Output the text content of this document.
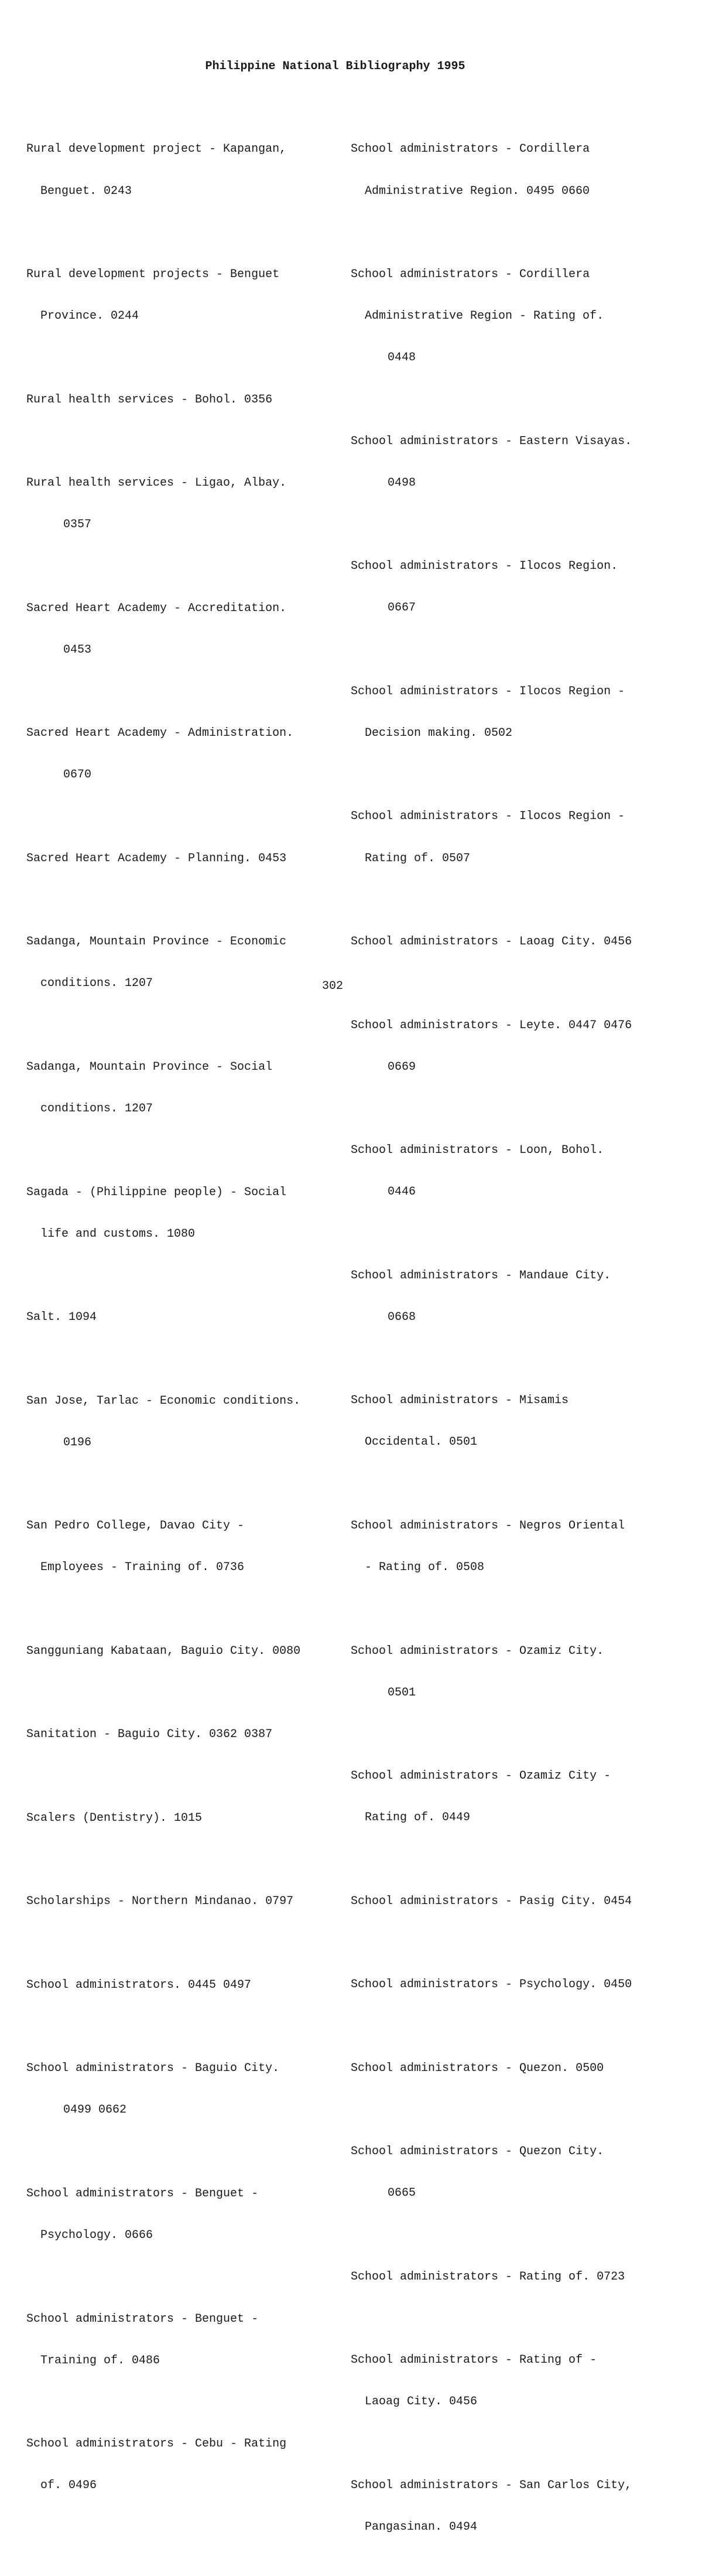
Philippine National Bibliography 1995

Rural development project - Kapangan,

Benguet. 0243

Rural development projects - Benguet

Province. 0244

Rural health services - Bohol. 0356

Rural health services - Ligao, Albay.

0357

Sacred Heart Academy - Accreditation.

0453

Sacred Heart Academy - Administration.

0670

Sacred Heart Academy - Planning. 0453

Sadanga, Mountain Province - Economic

conditions. 1207

Sadanga, Mountain Province - Social

conditions. 1207

Sagada - (Philippine people) - Social

life and customs. 1080

Salt. 1094

San Jose, Tarlac - Economic conditions.

0196

San Pedro College, Davao City -

Employees - Training of. 0736

Sangguniang Kabataan, Baguio City. 0080

Sanitation - Baguio City. 0362 0387

Scalers (Dentistry). 1015

Scholarships - Northern Mindanao. 0797

School administrators. 0445 0497

School administrators - Baguio City.

0499 0662

School administrators - Benguet -

Psychology. 0666

School administrators - Benguet -

Training of. 0486

School administrators - Cebu - Rating

of. 0496

School administrators - Cordillera

Administrative Region. 0495 0660

School administrators - Cordillera

Administrative Region - Rating of.

0448

School administrators - Eastern Visayas.

0498

School administrators - Ilocos Region.

0667

School administrators - Ilocos Region -

Decision making. 0502

School administrators - Ilocos Region -

Rating of. 0507

School administrators - Laoag City. 0456

School administrators - Leyte. 0447 0476

0669

School administrators - Loon, Bohol.

0446

School administrators - Mandaue City.

0668

School administrators - Misamis

Occidental. 0501

School administrators - Negros Oriental

- Rating of. 0508

School administrators - Ozamiz City.

0501

School administrators - Ozamiz City -

Rating of. 0449

School administrators - Pasig City. 0454

School administrators - Psychology. 0450

School administrators - Quezon. 0500

School administrators - Quezon City.

0665

School administrators - Rating of. 0723

School administrators - Rating of -

Laoag City. 0456

School administrators - San Carlos City,

Pangasinan. 0494

302
